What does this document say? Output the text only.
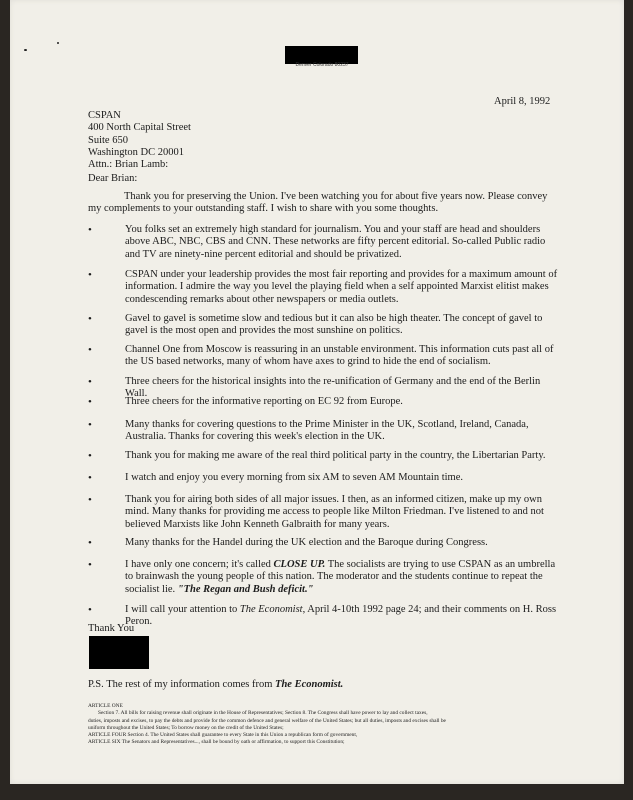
Denver Colorado 80237
April 8, 1992
CSPAN
400 North Capital Street
Suite 650
Washington DC 20001
Attn.: Brian Lamb:
Dear Brian:
Thank you for preserving the Union. I've been watching you for about five years now. Please convey my complements to your outstanding staff. I wish to share with you some thoughts.
•	You folks set an extremely high standard for journalism. You and your staff are head and shoulders above ABC, NBC, CBS and CNN. These networks are fifty percent editorial. So-called Public radio and TV are ninety-nine percent editorial and should be privatized.
•	CSPAN under your leadership provides the most fair reporting and provides for a maximum amount of information. I admire the way you level the playing field when a self appointed Marxist elitist makes condescending remarks about other newspapers or media outlets.
•	Gavel to gavel is sometime slow and tedious but it can also be high theater. The concept of gavel to gavel is the most open and provides the most sunshine on politics.
•	Channel One from Moscow is reassuring in an unstable environment. This information cuts past all of the US based networks, many of whom have axes to grind to hide the end of socialism.
•	Three cheers for the historical insights into the re-unification of Germany and the end of the Berlin Wall.
•	Three cheers for the informative reporting on EC 92 from Europe.
•	Many thanks for covering questions to the Prime Minister in the UK, Scotland, Ireland, Canada, Australia. Thanks for covering this week's election in the UK.
•	Thank you for making me aware of the real third political party in the country, the Libertarian Party.
•	I watch and enjoy you every morning from six AM to seven AM Mountain time.
•	Thank you for airing both sides of all major issues. I then, as an informed citizen, make up my own mind. Many thanks for providing me access to people like Milton Friedman. I've listened to and not believed Marxists like John Kenneth Galbraith for many years.
•	Many thanks for the Handel during the UK election and the Baroque during Congress.
•	I have only one concern; it's called CLOSE UP. The socialists are trying to use CSPAN as an umbrella to brainwash the young people of this nation. The moderator and the students continue to repeat the socialist lie. "The Regan and Bush deficit."
•	I will call your attention to The Economist, April 4-10th 1992 page 24; and their comments on H. Ross Peron.
Thank You
P.S. The rest of my information comes from The Economist.
ARTICLE ONE
Section 7. All bills for raising revenue shall originate in the House of Representatives; Section 8. The Congress shall have power to lay and collect taxes,
duties, imposts and excises, to pay the debts and provide for the common defence and general welfare of the United States; but all duties, imposts and excises shall be
uniform throughout the United States; To borrow money on the credit of the United States;
ARTICLE FOUR Section 4. The United States shall guarantee to every State in this Union a republican form of government,
ARTICLE SIX The Senators and Representatives..., shall be bound by oath or affirmation, to support this Constitution;
